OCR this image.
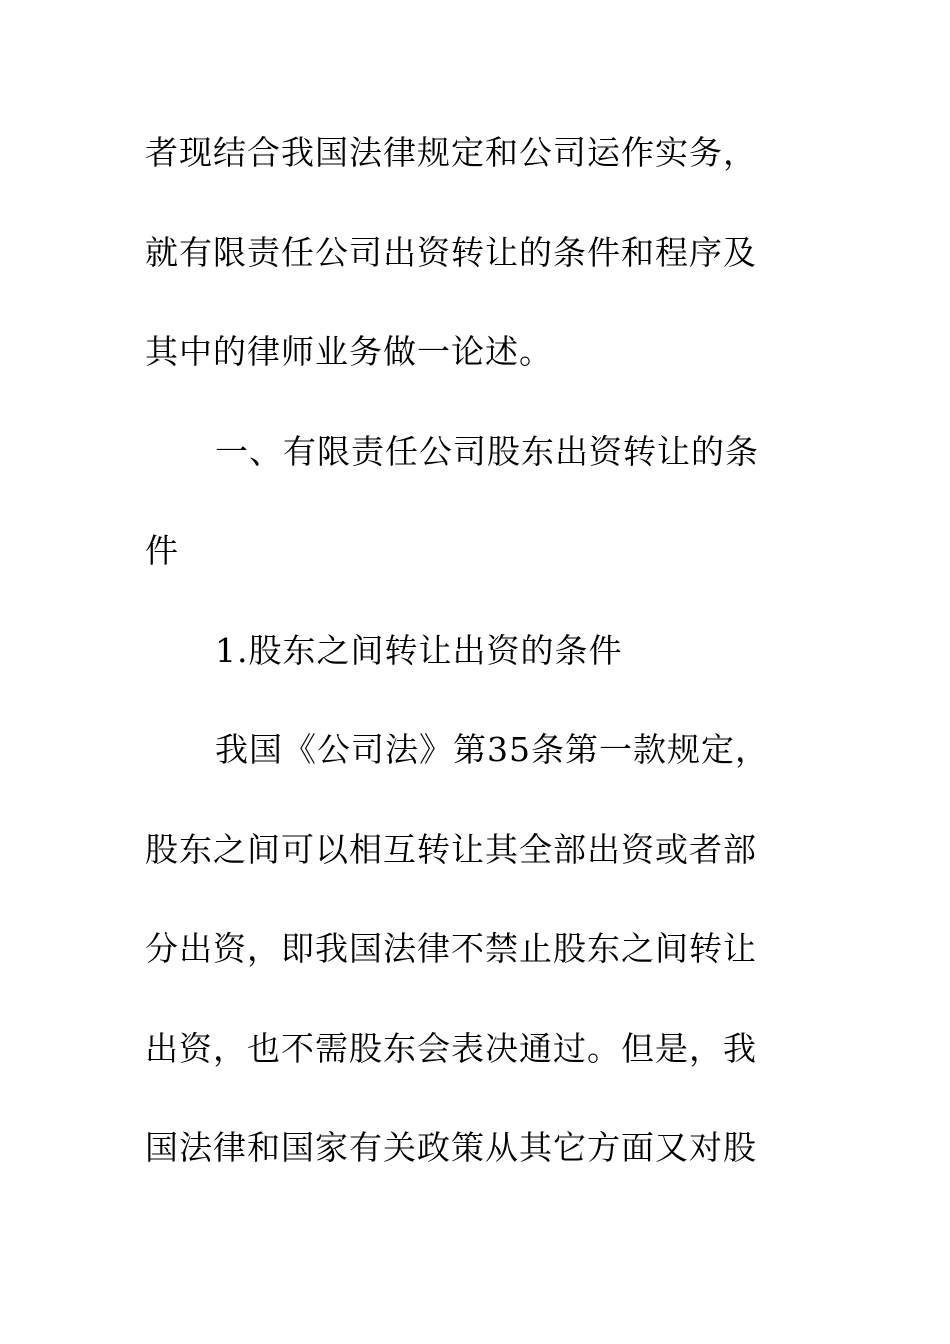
者现结合我国法律规定和公司运作实务，
就有限责任公司出资转让的条件和程序及
其中的律师业务做一论述。
一、有限责任公司股东出资转让的条
件
1.股东之间转让出资的条件
我国《公司法》第35条第一款规定，
股东之间可以相互转让其全部出资或者部
分出资，即我国法律不禁止股东之间转让
出资，也不需股东会表决通过。但是，我
国法律和国家有关政策从其它方面又对股
